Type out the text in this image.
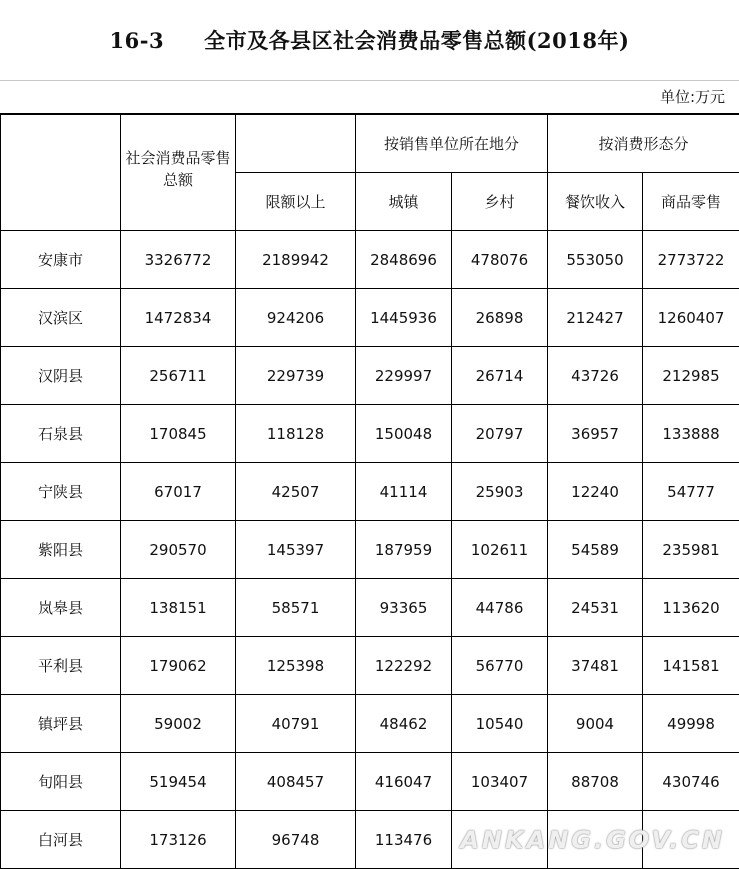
16-3 全市及各县区社会消费品零售总额(2018年)
单位:万元
	社会消费品零售总额		按销售单位所在地分		按消费形态分	
		限额以上	城镇	乡村	餐饮收入	商品零售
安康市	3326772	2189942	2848696	478076	553050	2773722
汉滨区	1472834	924206	1445936	26898	212427	1260407
汉阴县	256711	229739	229997	26714	43726	212985
石泉县	170845	118128	150048	20797	36957	133888
宁陕县	67017	42507	41114	25903	12240	54777
紫阳县	290570	145397	187959	102611	54589	235981
岚皋县	138151	58571	93365	44786	24531	113620
平利县	179062	125398	122292	56770	37481	141581
镇坪县	59002	40791	48462	10540	9004	49998
旬阳县	519454	408457	416047	103407	88708	430746
白河县	173126	96748	113476			ANKANG.GOV.CN
